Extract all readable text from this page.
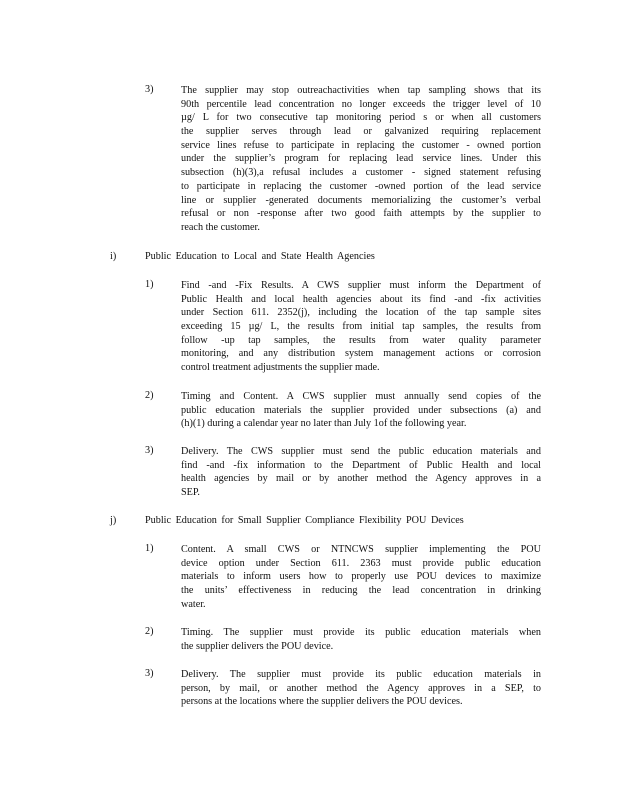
3)	The supplier may stop outreachactivities when tap sampling shows that its
90th percentile lead concentration no longer exceeds the trigger level of 10
µg/ L for two consecutive tap monitoring period s or when all customers
the supplier serves through lead or galvanized requiring replacement
service lines refuse to participate in replacing the customer - owned portion
under the supplier’s program for replacing lead service lines. Under this
subsection (h)(3),a refusal includes a customer - signed statement refusing
to participate in replacing the customer -owned portion of the lead service
line or supplier -generated documents memorializing the customer’s verbal
refusal or non -response after two good faith attempts by the supplier to
reach the customer.
i)	Public Education to Local and State Health Agencies
1)	Find -and -Fix Results. A CWS supplier must inform the Department of
Public Health and local health agencies about its find -and -fix activities
under Section 611. 2352(j), including the location of the tap sample sites
exceeding 15 µg/ L, the results from initial tap samples, the results from
follow -up tap samples, the results from water quality parameter
monitoring, and any distribution system management actions or corrosion
control treatment adjustments the supplier made.
2)	Timing and Content. A CWS supplier must annually send copies of the
public education materials the supplier provided under subsections (a) and
(h)(1) during a calendar year no later than July 1of the following year.
3)	Delivery. The CWS supplier must send the public education materials and
find -and -fix information to the Department of Public Health and local
health agencies by mail or by another method the Agency approves in a
SEP.
j)	Public Education for Small Supplier Compliance Flexibility POU Devices
1)	Content. A small CWS or NTNCWS supplier implementing the POU
device option under Section 611. 2363 must provide public education
materials to inform users how to properly use POU devices to maximize
the units’ effectiveness in reducing the lead concentration in drinking
water.
2)	Timing. The supplier must provide its public education materials when
the supplier delivers the POU device.
3)	Delivery. The supplier must provide its public education materials in
person, by mail, or another method the Agency approves in a SEP, to
persons at the locations where the supplier delivers the POU devices.
